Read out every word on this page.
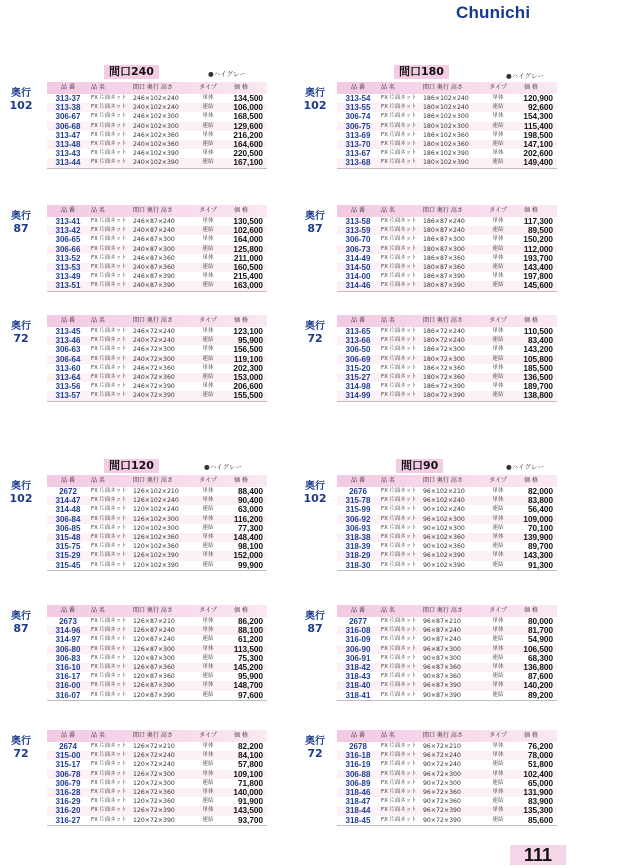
Chunichi
111
間口240	●ハイグレー
奥行
102
品 番	品 名	間口 奥行 高さ	タイプ	価 格
313-37	FX 片面ネット	246×102×240	単体	134,500
313-38	FX 片面ネット	240×102×240	連結	106,000
306-67	FX 片面ネット	246×102×300	単体	168,500
306-68	FX 片面ネット	240×102×300	連結	129,600
313-47	FX 片面ネット	246×102×360	単体	216,200
313-48	FX 片面ネット	240×102×360	連結	164,600
313-43	FX 片面ネット	246×102×390	単体	220,500
313-44	FX 片面ネット	240×102×390	連結	167,100
奥行
87
品 番	品 名	間口 奥行 高さ	タイプ	価 格
313-41	FX 片面ネット	246×87×240	単体	130,500
313-42	FX 片面ネット	240×87×240	連結	102,600
306-65	FX 片面ネット	246×87×300	単体	164,000
306-66	FX 片面ネット	240×87×300	連結	125,800
313-52	FX 片面ネット	246×87×360	単体	211,000
313-53	FX 片面ネット	240×87×360	連結	160,500
313-49	FX 片面ネット	246×87×390	単体	215,400
313-51	FX 片面ネット	240×87×390	連結	163,000
奥行
72
品 番	品 名	間口 奥行 高さ	タイプ	価 格
313-45	FX 片面ネット	246×72×240	単体	123,100
313-46	FX 片面ネット	240×72×240	連結	95,900
306-63	FX 片面ネット	246×72×300	単体	156,500
306-64	FX 片面ネット	240×72×300	連結	119,100
313-60	FX 片面ネット	246×72×360	単体	202,300
313-64	FX 片面ネット	240×72×360	連結	153,000
313-56	FX 片面ネット	246×72×390	単体	206,600
313-57	FX 片面ネット	240×72×390	連結	155,500
間口180	●ハイグレー
奥行
102
品 番	品 名	間口 奥行 高さ	タイプ	価 格
313-54	FX 片面ネット	186×102×240	単体	120,900
313-55	FX 片面ネット	180×102×240	連結	92,600
306-74	FX 片面ネット	186×102×300	単体	154,300
306-75	FX 片面ネット	180×102×300	連結	115,400
313-69	FX 片面ネット	186×102×360	単体	198,500
313-70	FX 片面ネット	180×102×360	連結	147,100
313-67	FX 片面ネット	186×102×390	単体	202,600
313-68	FX 片面ネット	180×102×390	連結	149,400
奥行
87
品 番	品 名	間口 奥行 高さ	タイプ	価 格
313-58	FX 片面ネット	186×87×240	単体	117,300
313-59	FX 片面ネット	180×87×240	連結	89,500
306-70	FX 片面ネット	186×87×300	単体	150,200
306-73	FX 片面ネット	180×87×300	連結	112,000
314-49	FX 片面ネット	186×87×360	単体	193,700
314-50	FX 片面ネット	180×87×360	連結	143,400
314-00	FX 片面ネット	186×87×390	単体	197,800
314-46	FX 片面ネット	180×87×390	連結	145,600
奥行
72
品 番	品 名	間口 奥行 高さ	タイプ	価 格
313-65	FX 片面ネット	186×72×240	単体	110,500
313-66	FX 片面ネット	180×72×240	連結	83,400
306-50	FX 片面ネット	186×72×300	単体	143,200
306-69	FX 片面ネット	180×72×300	連結	105,800
315-20	FX 片面ネット	186×72×360	単体	185,500
315-27	FX 片面ネット	180×72×360	連結	136,500
314-98	FX 片面ネット	186×72×390	単体	189,700
314-99	FX 片面ネット	180×72×390	連結	138,800
間口120	●ハイグレー
奥行
102
品 番	品 名	間口 奥行 高さ	タイプ	価 格
2672	FX 片面ネット	126×102×210	単体	88,400
314-47	FX 片面ネット	126×102×240	単体	90,400
314-48	FX 片面ネット	120×102×240	連結	63,000
306-84	FX 片面ネット	126×102×300	単体	116,200
306-85	FX 片面ネット	120×102×300	連結	77,300
315-48	FX 片面ネット	126×102×360	単体	148,400
315-75	FX 片面ネット	120×102×360	連結	98,100
315-29	FX 片面ネット	126×102×390	単体	152,000
315-45	FX 片面ネット	120×102×390	連結	99,900
奥行
87
品 番	品 名	間口 奥行 高さ	タイプ	価 格
2673	FX 片面ネット	126×87×210	単体	86,200
314-96	FX 片面ネット	126×87×240	単体	88,100
314-97	FX 片面ネット	120×87×240	連結	61,200
306-80	FX 片面ネット	126×87×300	単体	113,500
306-83	FX 片面ネット	120×87×300	連結	75,300
316-10	FX 片面ネット	126×87×360	単体	145,200
316-17	FX 片面ネット	120×87×360	連結	95,900
316-00	FX 片面ネット	126×87×390	単体	148,700
316-07	FX 片面ネット	120×87×390	連結	97,600
奥行
72
品 番	品 名	間口 奥行 高さ	タイプ	価 格
2674	FX 片面ネット	126×72×210	単体	82,200
315-00	FX 片面ネット	126×72×240	単体	84,100
315-17	FX 片面ネット	120×72×240	連結	57,800
306-78	FX 片面ネット	126×72×300	単体	109,100
306-79	FX 片面ネット	120×72×300	連結	71,800
316-28	FX 片面ネット	126×72×360	単体	140,000
316-29	FX 片面ネット	120×72×360	連結	91,900
316-20	FX 片面ネット	126×72×390	単体	143,500
316-27	FX 片面ネット	120×72×390	連結	93,700
間口90	●ハイグレー
奥行
102
品 番	品 名	間口 奥行 高さ	タイプ	価 格
2676	FX 片面ネット	96×102×210	単体	82,000
315-78	FX 片面ネット	96×102×240	単体	83,800
315-99	FX 片面ネット	90×102×240	連結	56,400
306-92	FX 片面ネット	96×102×300	単体	109,000
306-93	FX 片面ネット	90×102×300	連結	70,100
318-38	FX 片面ネット	96×102×360	単体	139,900
318-39	FX 片面ネット	90×102×360	連結	89,700
318-29	FX 片面ネット	96×102×390	単体	143,300
318-30	FX 片面ネット	90×102×390	連結	91,300
奥行
87
品 番	品 名	間口 奥行 高さ	タイプ	価 格
2677	FX 片面ネット	96×87×210	単体	80,000
316-08	FX 片面ネット	96×87×240	単体	81,700
316-09	FX 片面ネット	90×87×240	連結	54,900
306-90	FX 片面ネット	96×87×300	単体	106,500
306-91	FX 片面ネット	90×87×300	連結	68,300
318-42	FX 片面ネット	96×87×360	単体	136,800
318-43	FX 片面ネット	90×87×360	連結	87,600
318-40	FX 片面ネット	96×87×390	単体	140,200
318-41	FX 片面ネット	90×87×390	連結	89,200
奥行
72
品 番	品 名	間口 奥行 高さ	タイプ	価 格
2678	FX 片面ネット	96×72×210	単体	76,200
316-18	FX 片面ネット	96×72×240	単体	78,000
316-19	FX 片面ネット	90×72×240	連結	51,800
306-88	FX 片面ネット	96×72×300	単体	102,400
306-89	FX 片面ネット	90×72×300	連結	65,000
318-46	FX 片面ネット	96×72×360	単体	131,900
318-47	FX 片面ネット	90×72×360	連結	83,900
318-44	FX 片面ネット	96×72×390	単体	135,300
318-45	FX 片面ネット	90×72×390	連結	85,600
